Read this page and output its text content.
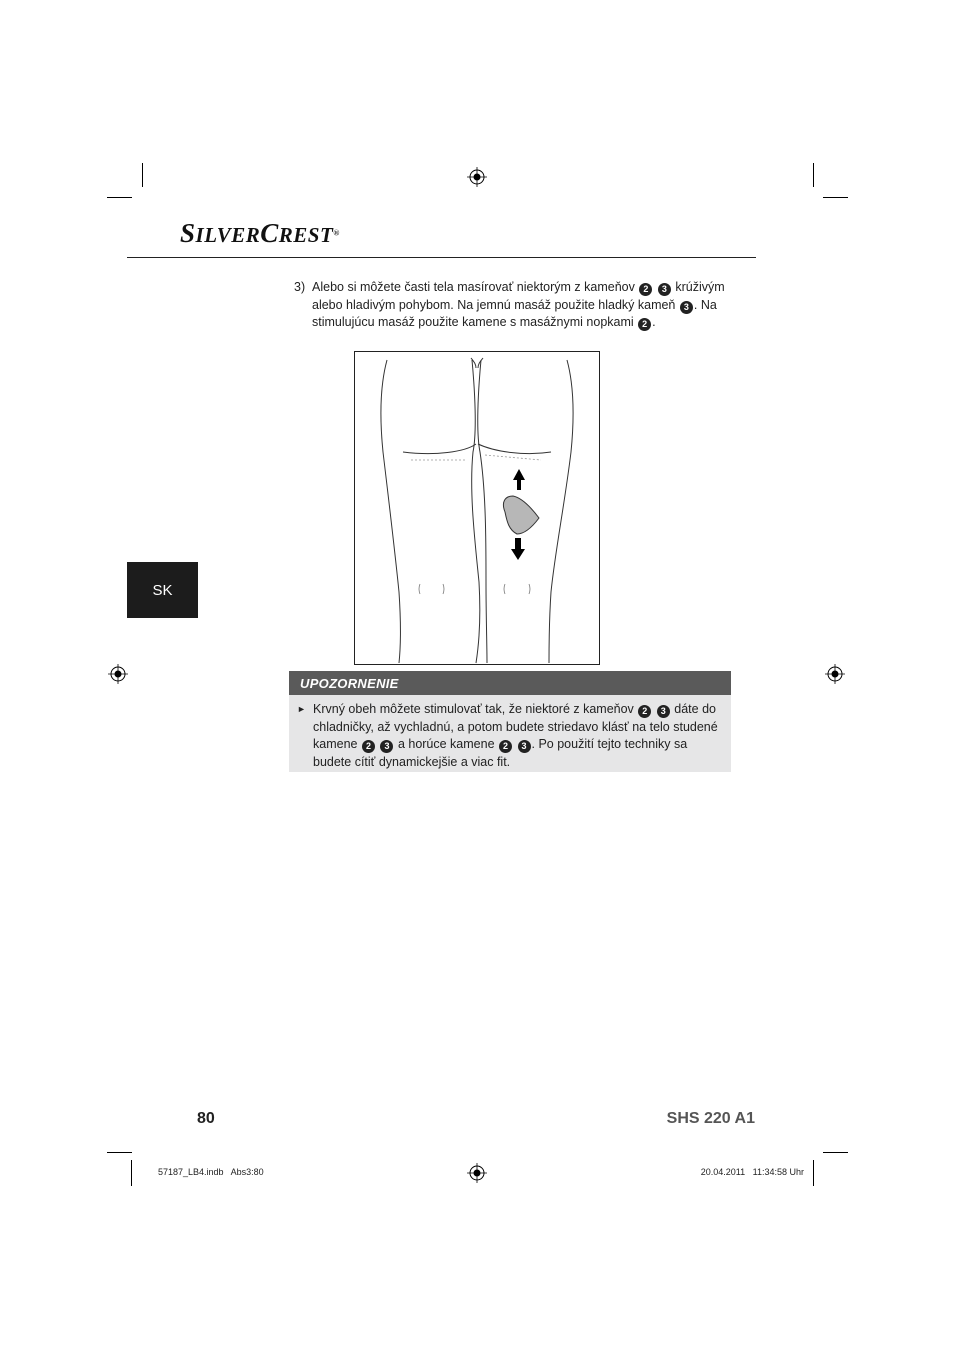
SILVERCREST®
3) Alebo si môžete časti tela masírovať niektorým z kameňov 2 3 krúživým alebo hladivým pohybom. Na jemnú masáž použite hladký kameň 3 . Na stimulujúcu masáž použite kamene s masážnymi nopkami 2 .
SK
UPOZORNENIE
► Krvný obeh môžete stimulovať tak, že niektoré z kameňov 2 3 dáte do chladničky, až vychladnú, a potom budete striedavo klásť na telo studené kamene 2 3 a horúce kamene 2 3 . Po použití tejto techniky sa budete cítiť dynamickejšie a viac fit.
80	SHS 220 A1
57187_LB4.indb   Abs3:80	20.04.2011   11:34:58 Uhr
